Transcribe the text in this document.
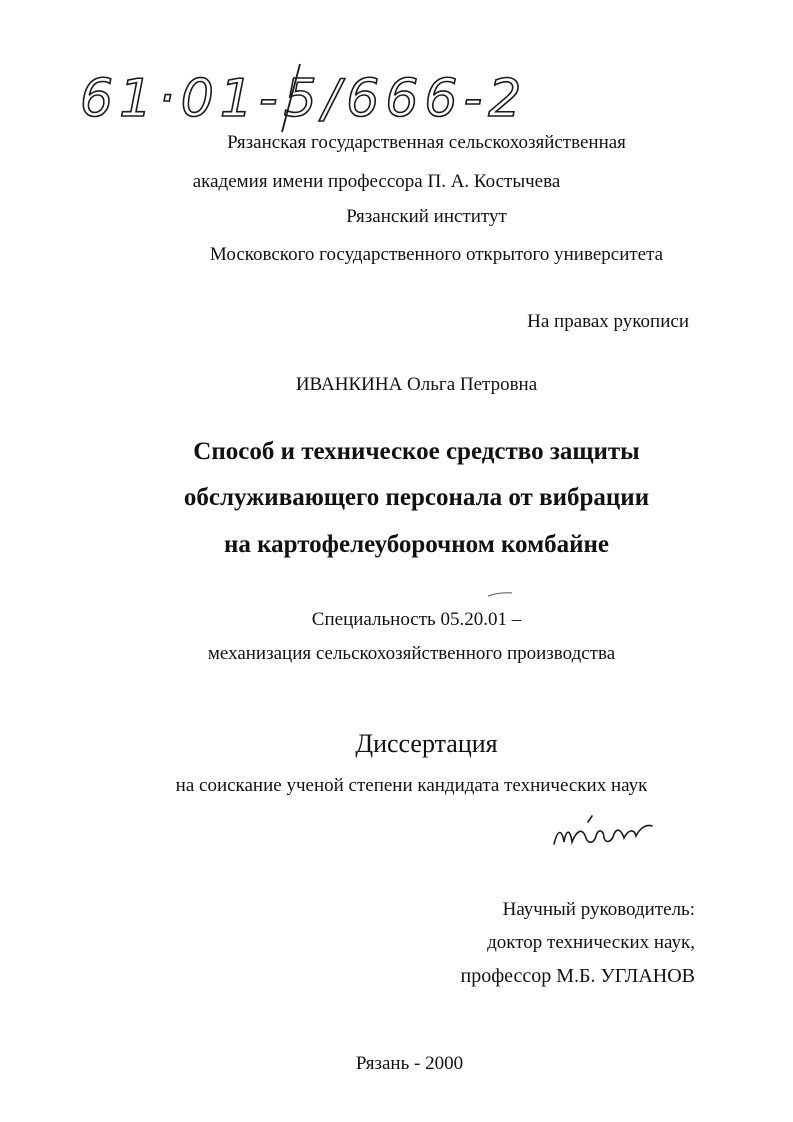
61·01-5/666-2
Рязанская государственная сельскохозяйственная
академия имени профессора П. А. Костычева
Рязанский институт
Московского государственного открытого университета
На правах рукописи
ИВАНКИНА Ольга Петровна
Способ и техническое средство защиты
обслуживающего персонала от вибрации
на картофелеуборочном комбайне
Специальность 05.20.01 –
механизация сельскохозяйственного производства
Диссертация
на соискание ученой степени кандидата технических наук
Научный руководитель:
доктор технических наук,
профессор М.Б. УГЛАНОВ
Рязань - 2000
